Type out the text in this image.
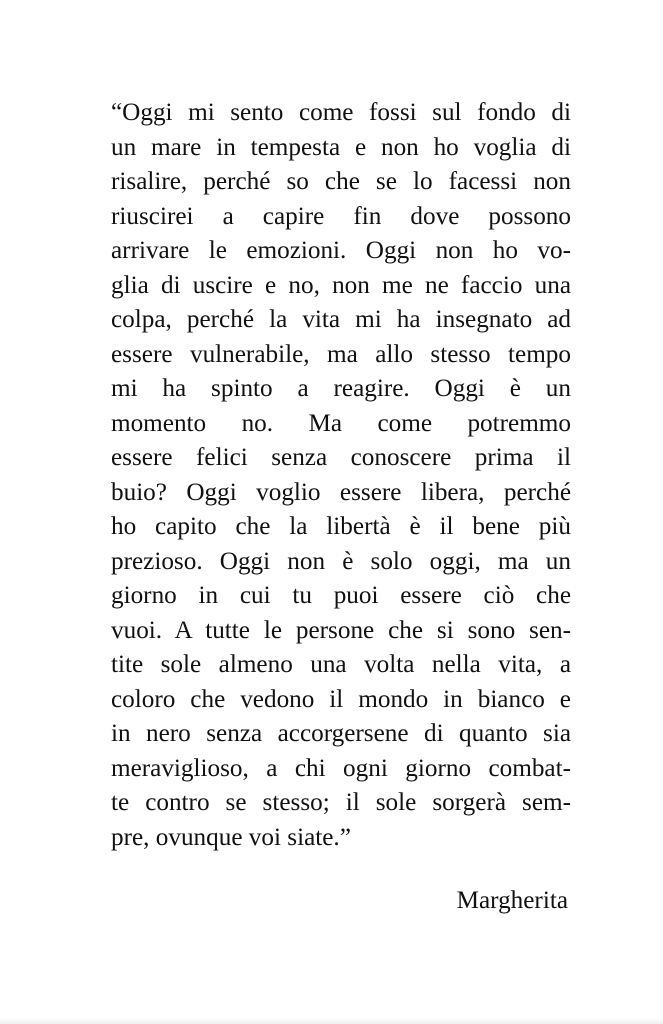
“Oggi mi sento come fossi sul fondo di
un mare in tempesta e non ho voglia di
risalire, perché so che se lo facessi non
riuscirei a capire fin dove possono
arrivare le emozioni. Oggi non ho vo-
glia di uscire e no, non me ne faccio una
colpa, perché la vita mi ha insegnato ad
essere vulnerabile, ma allo stesso tempo
mi ha spinto a reagire. Oggi è un
momento no. Ma come potremmo
essere felici senza conoscere prima il
buio? Oggi voglio essere libera, perché
ho capito che la libertà è il bene più
prezioso. Oggi non è solo oggi, ma un
giorno in cui tu puoi essere ciò che
vuoi. A tutte le persone che si sono sen-
tite sole almeno una volta nella vita, a
coloro che vedono il mondo in bianco e
in nero senza accorgersene di quanto sia
meraviglioso, a chi ogni giorno combat-
te contro se stesso; il sole sorgerà sem-
pre, ovunque voi siate.”

Margherita
